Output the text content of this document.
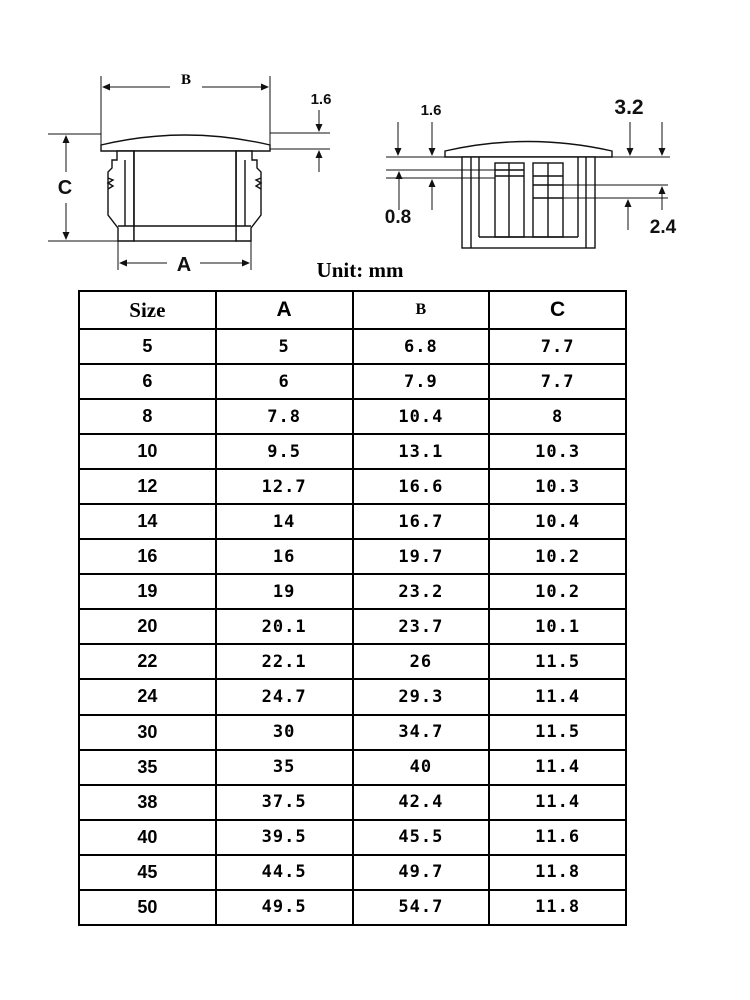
B
C
A
1.6
1.6	3.2
0.8	2.4
Unit: mm
Size	A	B	C
5	5	6.8	7.7
6	6	7.9	7.7
8	7.8	10.4	8
10	9.5	13.1	10.3
12	12.7	16.6	10.3
14	14	16.7	10.4
16	16	19.7	10.2
19	19	23.2	10.2
20	20.1	23.7	10.1
22	22.1	26	11.5
24	24.7	29.3	11.4
30	30	34.7	11.5
35	35	40	11.4
38	37.5	42.4	11.4
40	39.5	45.5	11.6
45	44.5	49.7	11.8
50	49.5	54.7	11.8
